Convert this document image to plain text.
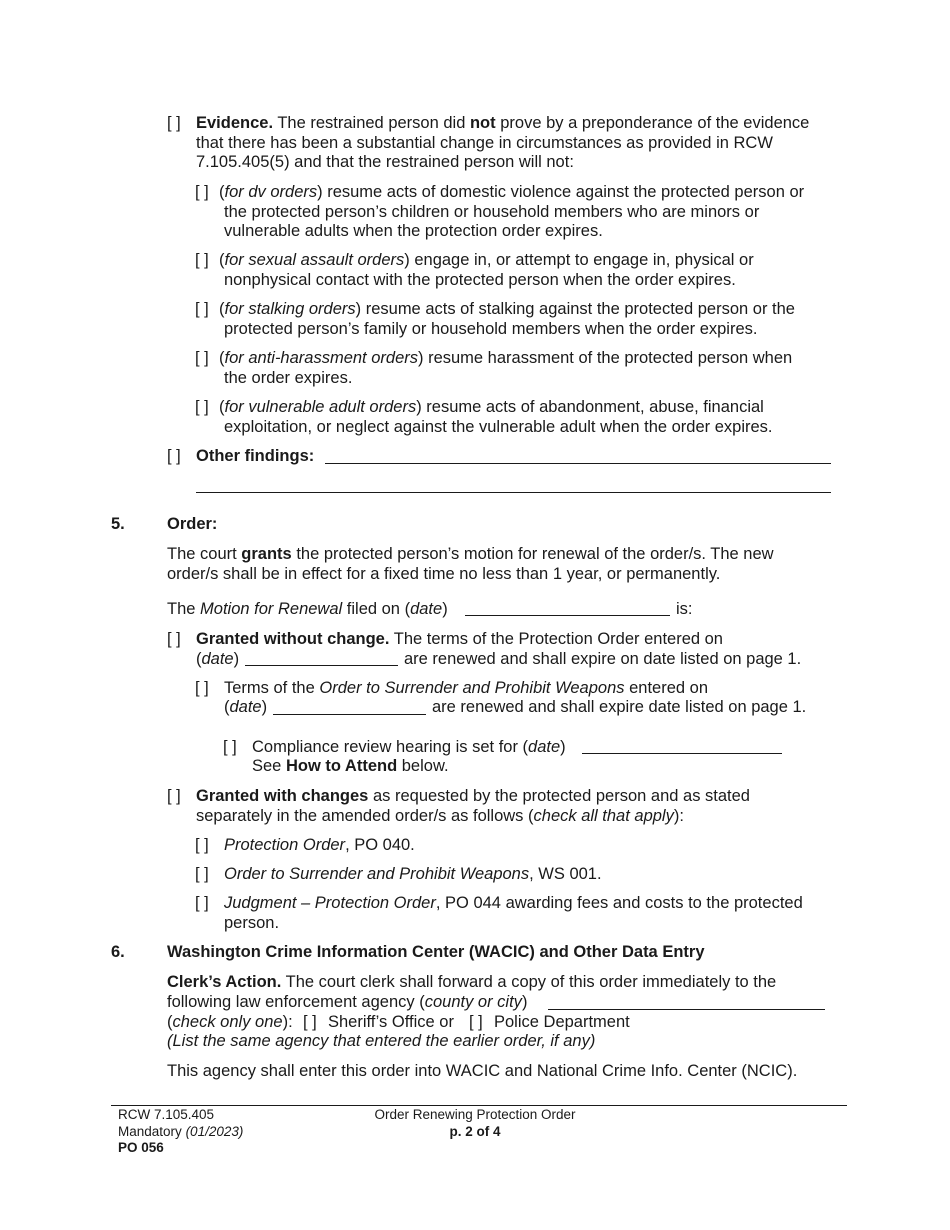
[ ] Evidence. The restrained person did not prove by a preponderance of the evidence
that there has been a substantial change in circumstances as provided in RCW
7.105.405(5) and that the restrained person will not:
[ ] (for dv orders) resume acts of domestic violence against the protected person or
the protected person’s children or household members who are minors or
vulnerable adults when the protection order expires.
[ ] (for sexual assault orders) engage in, or attempt to engage in, physical or
nonphysical contact with the protected person when the order expires.
[ ] (for stalking orders) resume acts of stalking against the protected person or the
protected person’s family or household members when the order expires.
[ ] (for anti-harassment orders) resume harassment of the protected person when
the order expires.
[ ] (for vulnerable adult orders) resume acts of abandonment, abuse, financial
exploitation, or neglect against the vulnerable adult when the order expires.
[ ] Other findings:
5.	Order:
The court grants the protected person’s motion for renewal of the order/s. The new
order/s shall be in effect for a fixed time no less than 1 year, or permanently.
The Motion for Renewal filed on (date)	is:
[ ] Granted without change. The terms of the Protection Order entered on
(date)	are renewed and shall expire on date listed on page 1.
[ ] Terms of the Order to Surrender and Prohibit Weapons entered on
(date)	are renewed and shall expire date listed on page 1.
[ ] Compliance review hearing is set for (date)
See How to Attend below.
[ ] Granted with changes as requested by the protected person and as stated
separately in the amended order/s as follows (check all that apply):
[ ] Protection Order, PO 040.
[ ] Order to Surrender and Prohibit Weapons, WS 001.
[ ] Judgment – Protection Order, PO 044 awarding fees and costs to the protected
person.
6.	Washington Crime Information Center (WACIC) and Other Data Entry
Clerk’s Action. The court clerk shall forward a copy of this order immediately to the
following law enforcement agency (county or city)
(check only one): [ ] Sheriff’s Office or [ ] Police Department
(List the same agency that entered the earlier order, if any)
This agency shall enter this order into WACIC and National Crime Info. Center (NCIC).
RCW 7.105.405
Mandatory (01/2023)
PO 056
Order Renewing Protection Order
p. 2 of 4
